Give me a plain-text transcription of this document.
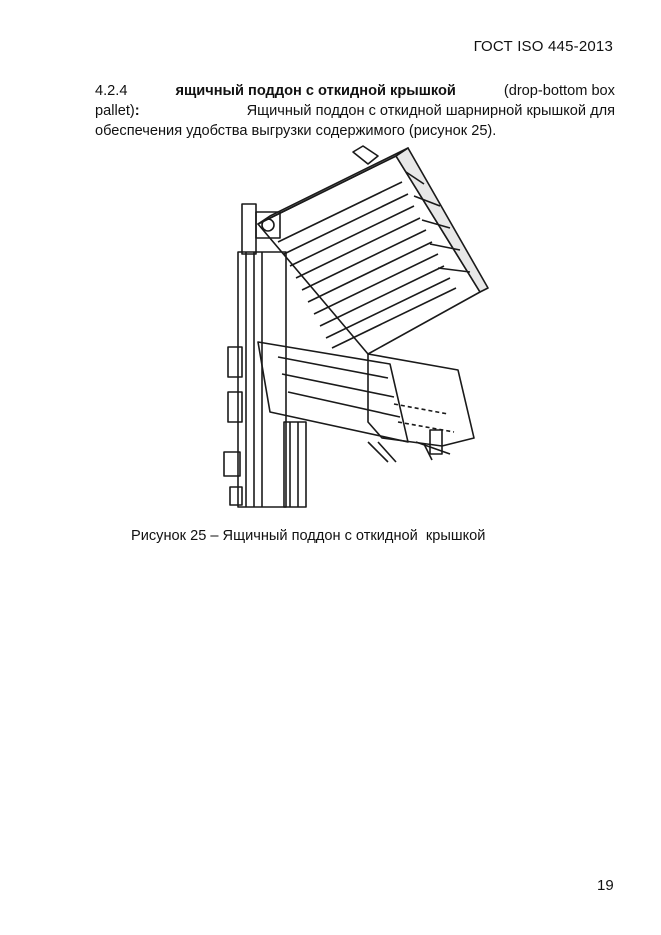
ГОСТ ISO 445-2013
4.2.4	ящичный поддон с откидной крышкой	(drop-bottom box
pallet):	Ящичный поддон с откидной шарнирной крышкой для
обеспечения удобства выгрузки содержимого (рисунок 25).
Рисунок 25 – Ящичный поддон с откидной  крышкой
19
